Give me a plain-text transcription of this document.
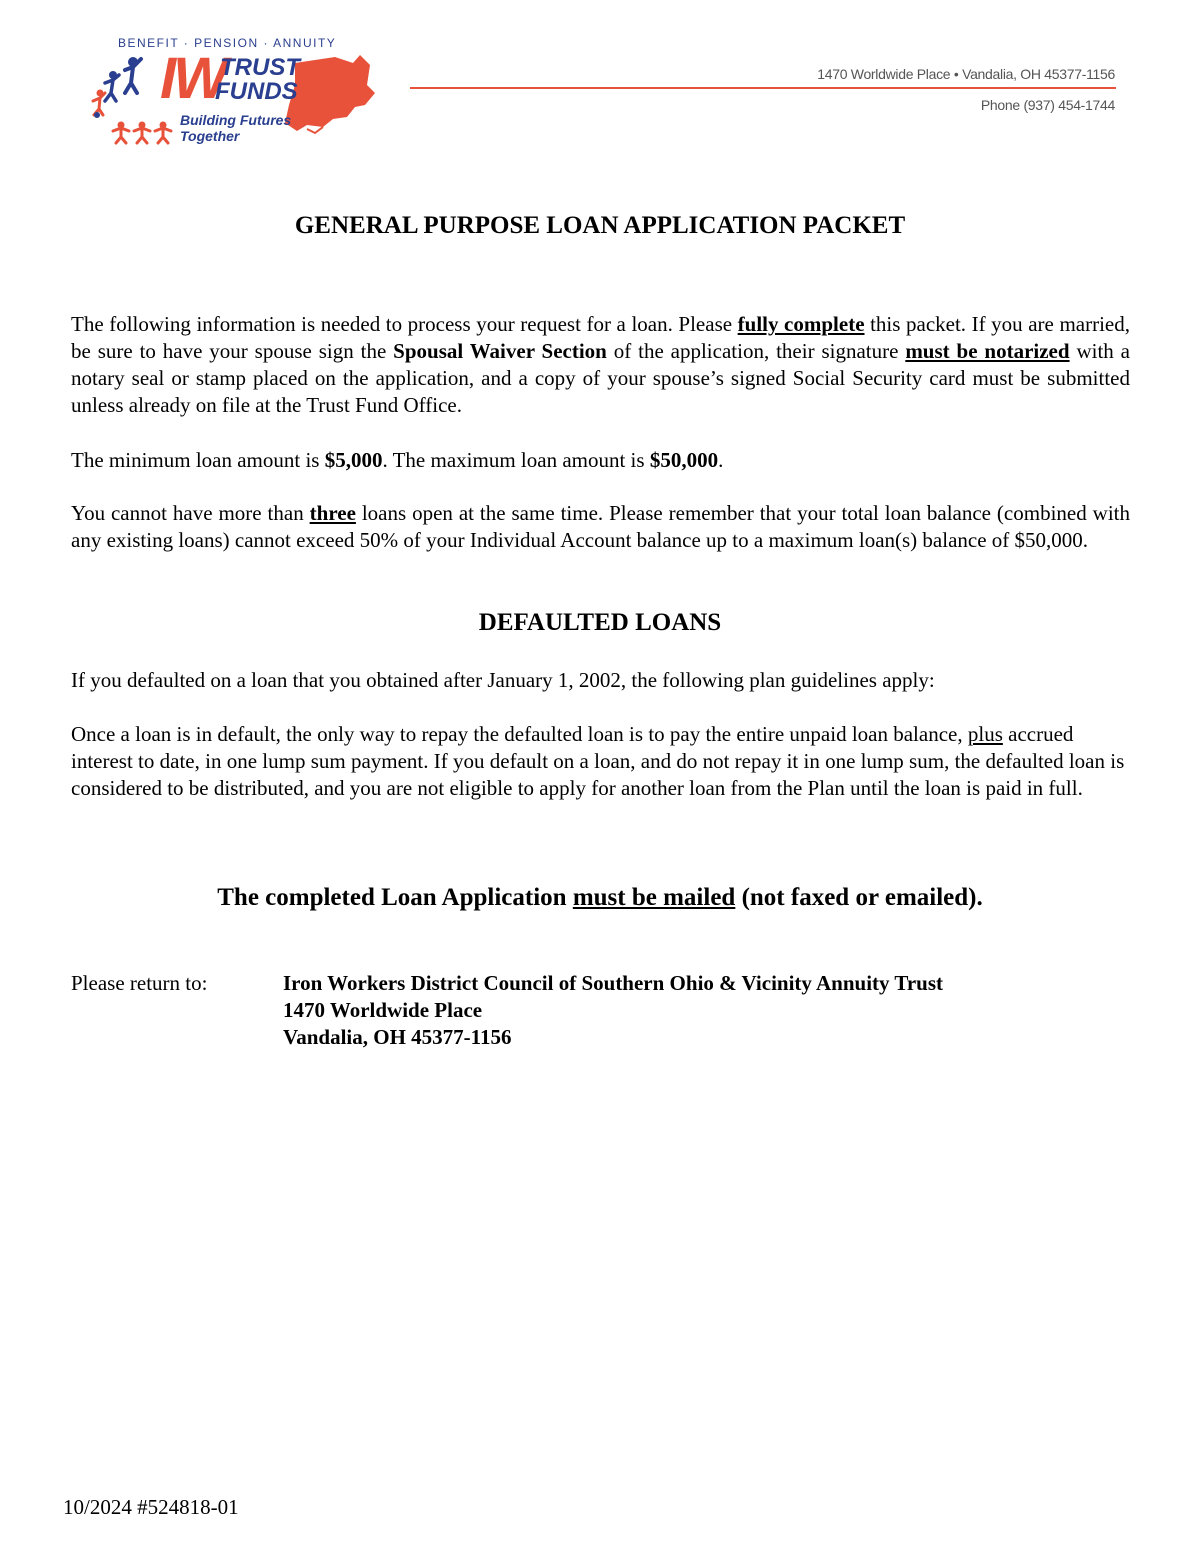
BENEFIT · PENSION · ANNUITY
IW
TRUST
FUNDS
Building Futures
Together
1470 Worldwide Place • Vandalia, OH 45377-1156
Phone (937) 454-1744
GENERAL PURPOSE LOAN APPLICATION PACKET
The following information is needed to process your request for a loan. Please fully complete this packet. If you are married, be sure to have your spouse sign the Spousal Waiver Section of the application, their signature must be notarized with a notary seal or stamp placed on the application, and a copy of your spouse’s signed Social Security card must be submitted unless already on file at the Trust Fund Office.
The minimum loan amount is $5,000. The maximum loan amount is $50,000.
You cannot have more than three loans open at the same time. Please remember that your total loan balance (combined with any existing loans) cannot exceed 50% of your Individual Account balance up to a maximum loan(s) balance of $50,000.
DEFAULTED LOANS
If you defaulted on a loan that you obtained after January 1, 2002, the following plan guidelines apply:
Once a loan is in default, the only way to repay the defaulted loan is to pay the entire unpaid loan balance, plus accrued interest to date, in one lump sum payment. If you default on a loan, and do not repay it in one lump sum, the defaulted loan is considered to be distributed, and you are not eligible to apply for another loan from the Plan until the loan is paid in full.
The completed Loan Application must be mailed (not faxed or emailed).
Please return to:	Iron Workers District Council of Southern Ohio & Vicinity Annuity Trust
1470 Worldwide Place
Vandalia, OH 45377-1156
10/2024 #524818-01
